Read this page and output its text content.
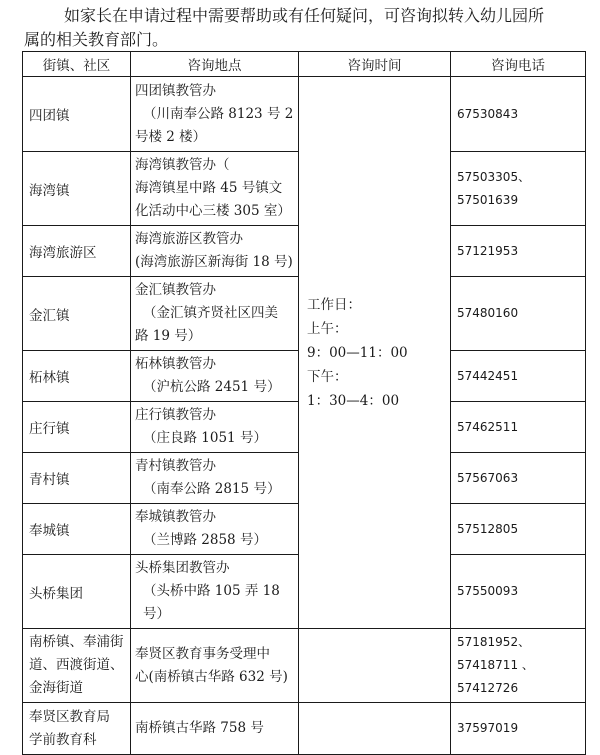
如家长在申请过程中需要帮助或有任何疑问，可咨询拟转入幼儿园所
属的相关教育部门。
街镇、社区	咨询地点	咨询时间	咨询电话
四团镇	四团镇教管办
（川南奉公路 8123 号 2
号楼 2 楼）	工作日：
上午：
9：00—11：00
下午：
1：30—4：00	67530843

海湾镇	海湾镇教管办（
海湾镇星中路 45 号镇文
化活动中心三楼 305 室）		57503305、
57501639

海湾旅游区	海湾旅游区教管办
(海湾旅游区新海街 18 号)		57121953

金汇镇	金汇镇教管办
（金汇镇齐贤社区四美
路 19 号）		57480160

柘林镇	柘林镇教管办
（沪杭公路 2451 号）		57442451

庄行镇	庄行镇教管办
（庄良路 1051 号）		57462511

青村镇	青村镇教管办
（南奉公路 2815 号）		57567063

奉城镇	奉城镇教管办
（兰博路 2858 号）		57512805

头桥集团	头桥集团教管办
（头桥中路 105 弄 18 号）		57550093

南桥镇、奉浦街
道、西渡街道、
金海街道	奉贤区教育事务受理中
心(南桥镇古华路 632 号)		57181952、
57418711 、
57412726

奉贤区教育局
学前教育科	南桥镇古华路 758 号		37597019
